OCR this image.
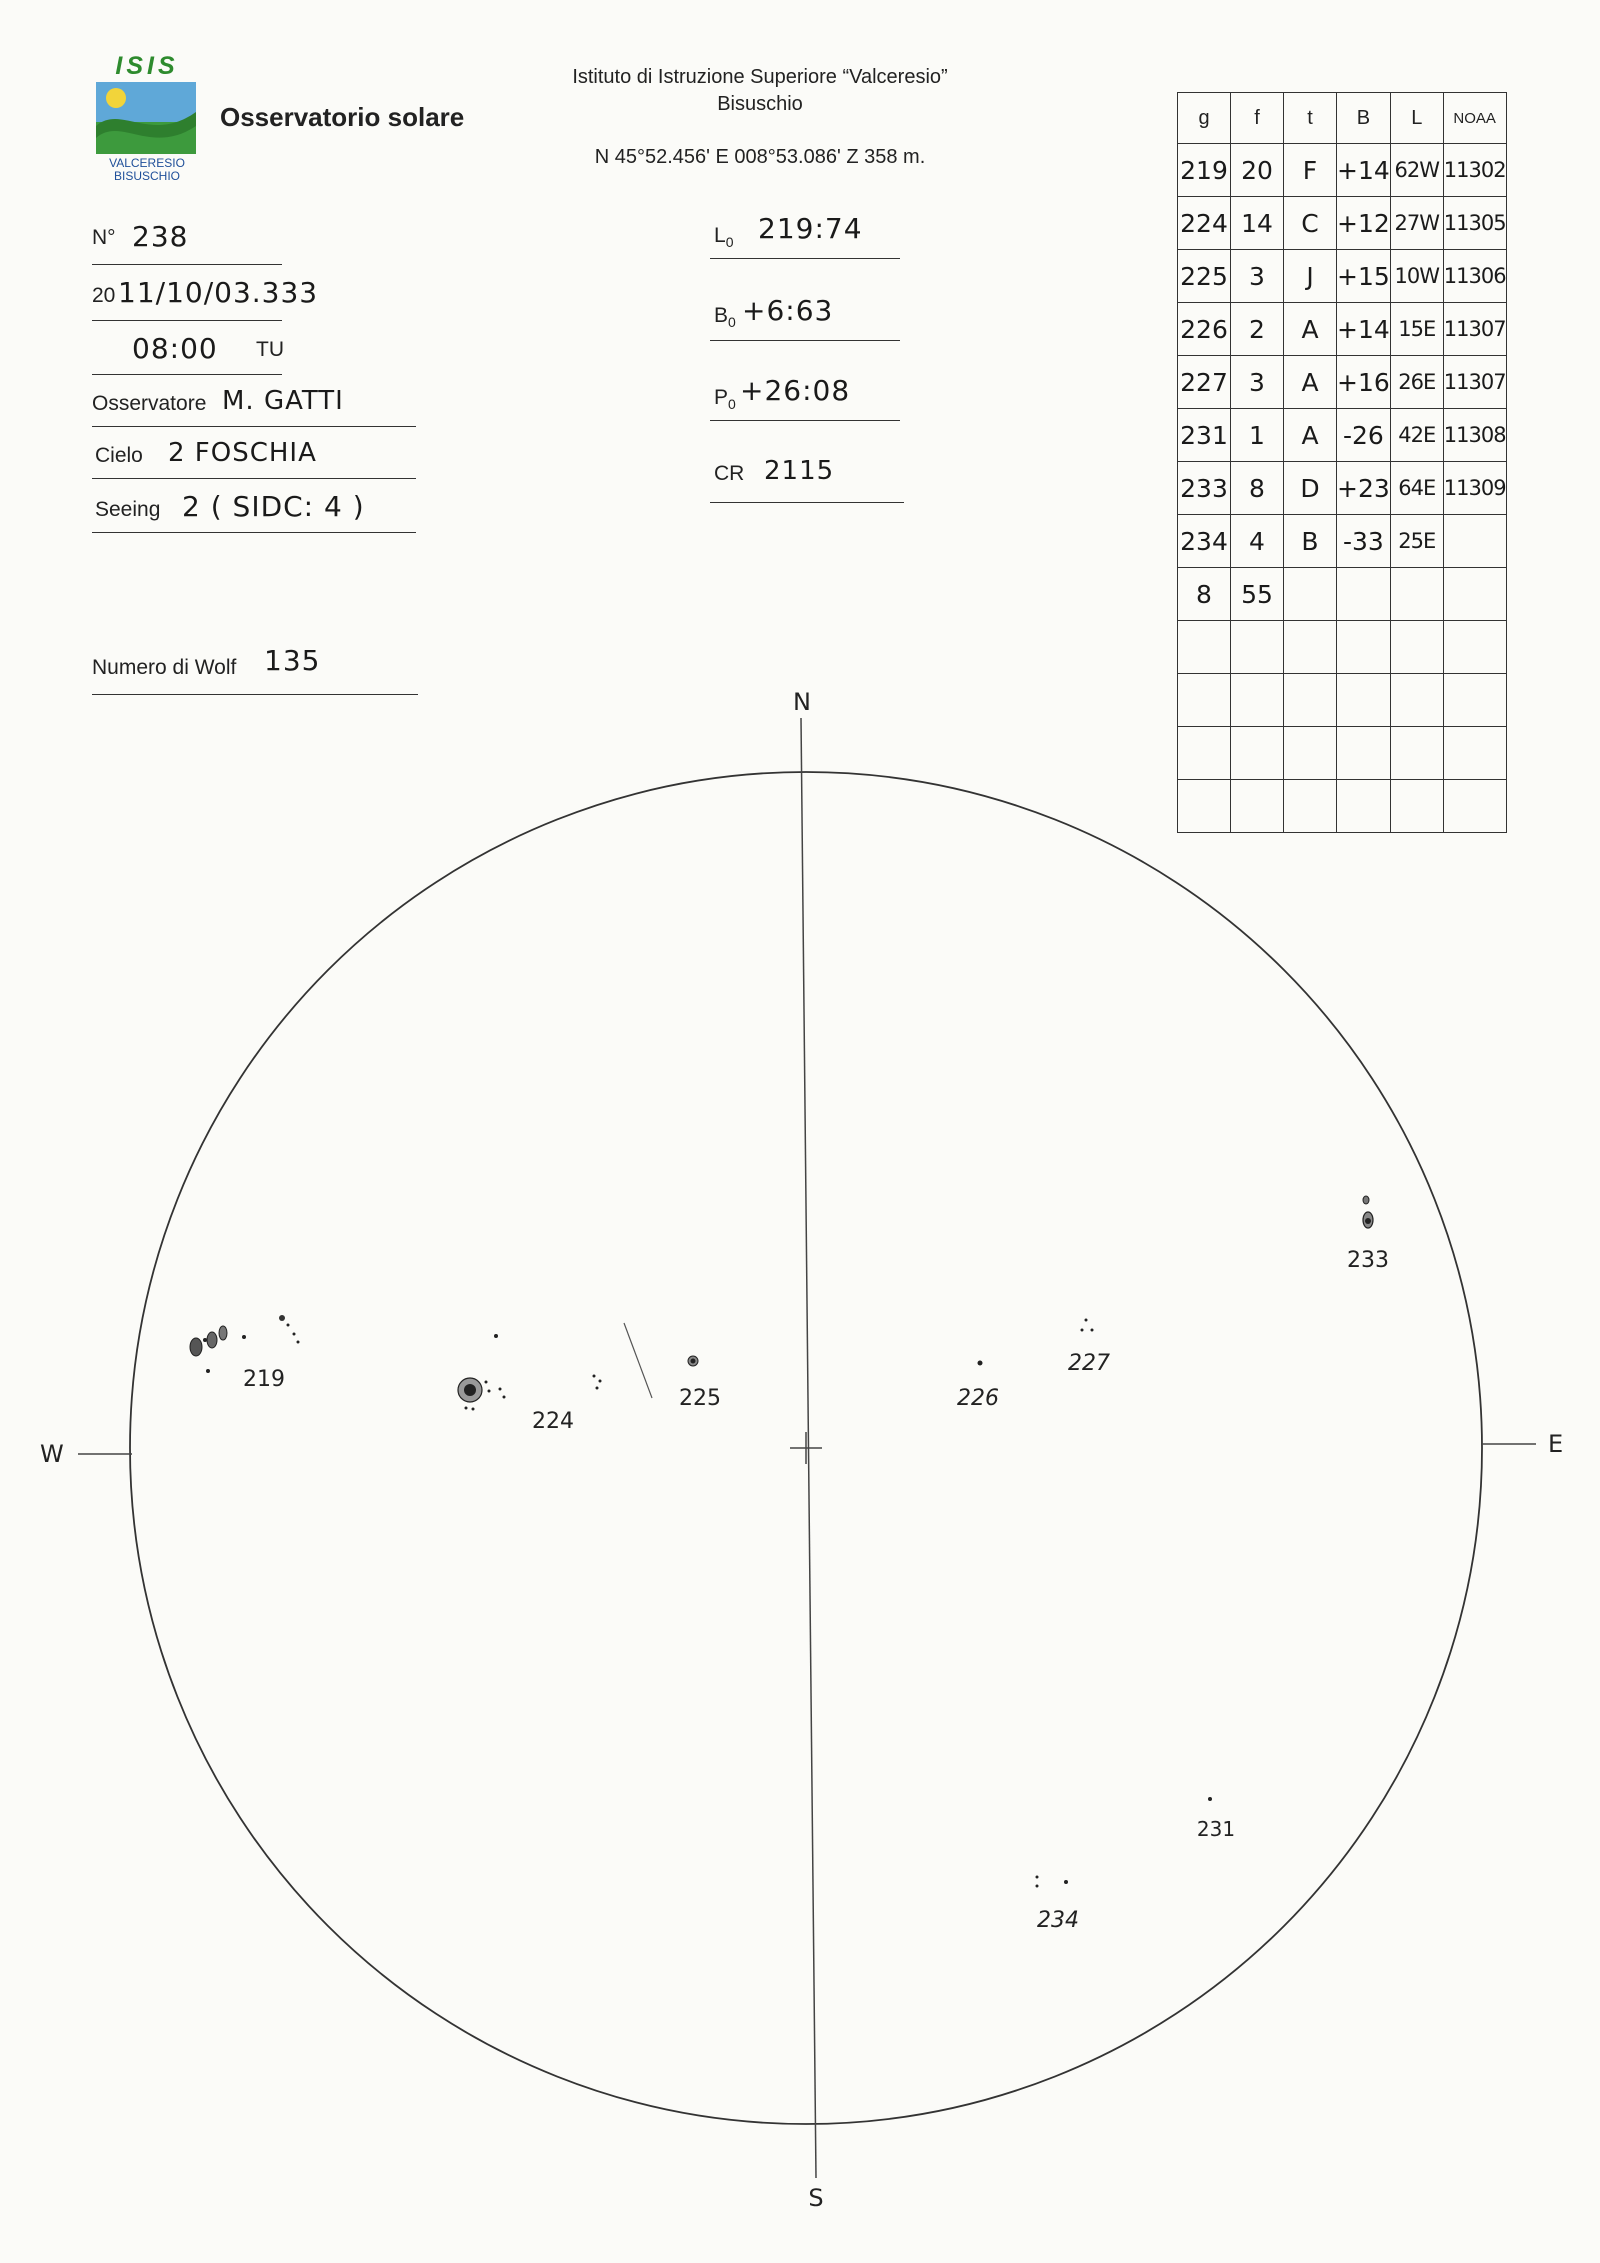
ISIS
VALCERESIO
BISUSCHIO
Osservatorio solare
Istituto di Istruzione Superiore “Valceresio”
Bisuschio
N 45°52.456' E 008°53.086' Z 358 m.
N° 238
20 11/10/03.333
08:00 TU
Osservatore M. GATTI
Cielo 2 FOSCHIA
Seeing 2 ( SIDC: 4 )
Numero di Wolf 135
$L_0$ 219:74
$B_0$ +6:63
$P_0$ +26:08
CR 2115
g	f	t	B	L	NOAA
219	20	F	+14	62W	11302
224	14	C	+12	27W	11305
225	3	J	+15	10W	11306
226	2	A	+14	15E	11307
227	3	A	+16	26E	11307
231	1	A	-26	42E	11308
233	8	D	+23	64E	11309
234	4	B	-33	25E	
8	55				

N
S
E
W
219
224
225	226
227
231
233
234
